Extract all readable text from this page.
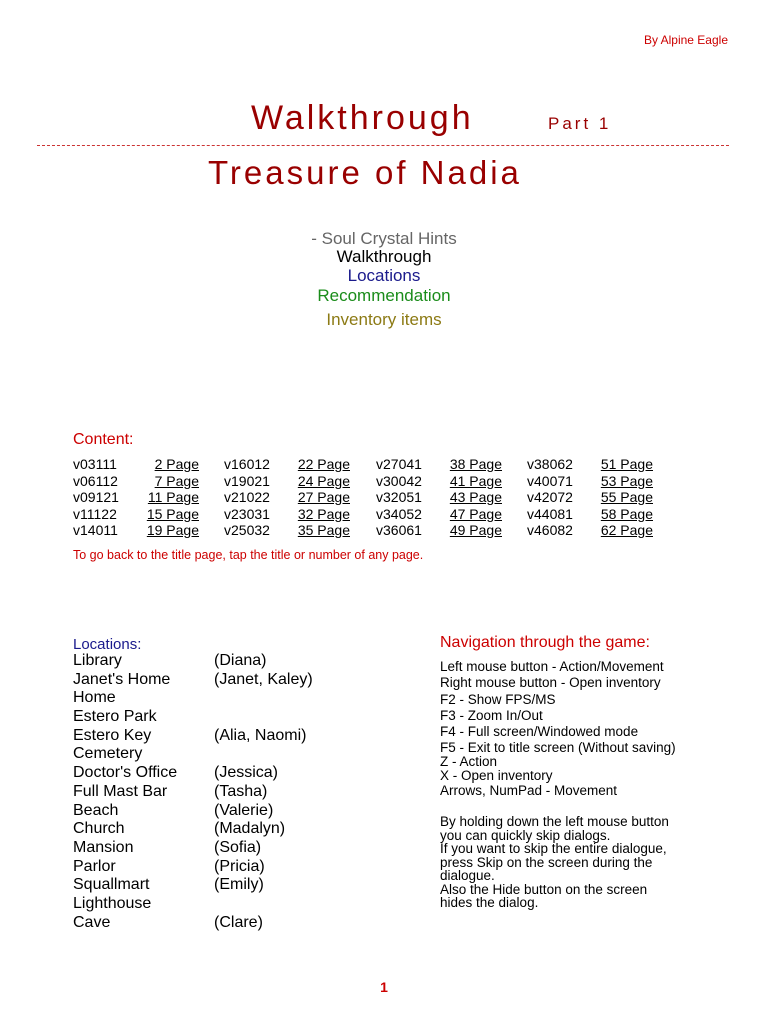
By Alpine Eagle
Walkthrough	Part 1
Treasure of Nadia
- Soul Crystal Hints
Walkthrough
Locations
Recommendation
Inventory items
Content:
v03111	2 Page
v06112	7 Page
v09121	11 Page
v11122	15 Page
v14011	19 Page
v16012	22 Page
v19021	24 Page
v21022	27 Page
v23031	32 Page
v25032	35 Page
v27041	38 Page
v30042	41 Page
v32051	43 Page
v34052	47 Page
v36061	49 Page
v38062	51 Page
v40071	53 Page
v42072	55 Page
v44081	58 Page
v46082	62 Page
To go back to the title page, tap the title or number of any page.
Locations:
Library	(Diana)
Janet's Home	(Janet, Kaley)
Home
Estero Park
Estero Key	(Alia, Naomi)
Cemetery
Doctor's Office (Jessica)
Full Mast Bar	(Tasha)
Beach	(Valerie)
Church	(Madalyn)
Mansion	(Sofia)
Parlor	(Pricia)
Squallmart	(Emily)
Lighthouse
Cave	(Clare)
Navigation through the game:
Left mouse button - Action/Movement
Right mouse button - Open inventory
F2 - Show FPS/MS
F3 - Zoom In/Out
F4 - Full screen/Windowed mode
F5 - Exit to title screen (Without saving)
Z - Action
X - Open inventory
Arrows, NumPad - Movement
By holding down the left mouse button
you can quickly skip dialogs.
If you want to skip the entire dialogue,
press Skip on the screen during the
dialogue.
Also the Hide button on the screen
hides the dialog.
1
